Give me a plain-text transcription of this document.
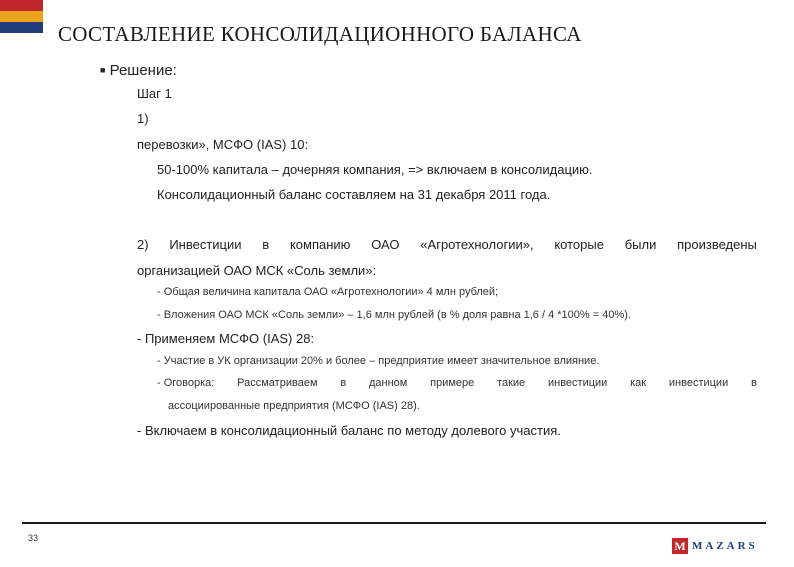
СОСТАВЛЕНИЕ КОНСОЛИДАЦИОННОГО БАЛАНСА
■ Решение:
Шаг 1
1)
перевозки», МСФО (IAS) 10:
50-100% капитала – дочерняя компания, => включаем в консолидацию.
Консолидационный баланс составляем на 31 декабря 2011 года.
2) Инвестиции в компанию ОАО «Агротехнологии», которые были произведены
организацией ОАО МСК «Соль земли»:
- Общая величина капитала ОАО «Агротехнологии» 4 млн рублей;
- Вложения ОАО МСК «Соль земли» – 1,6 млн рублей (в % доля равна 1,6 / 4 *100% = 40%).
- Применяем МСФО (IAS) 28:
- Участие в УК организации 20% и более – предприятие имеет значительное влияние.
- Оговорка: Рассматриваем в данном примере такие инвестиции как инвестиции в
ассоциированные предприятия (МСФО (IAS) 28).
- Включаем в консолидационный баланс по методу долевого участия.
33
M MAZARS
